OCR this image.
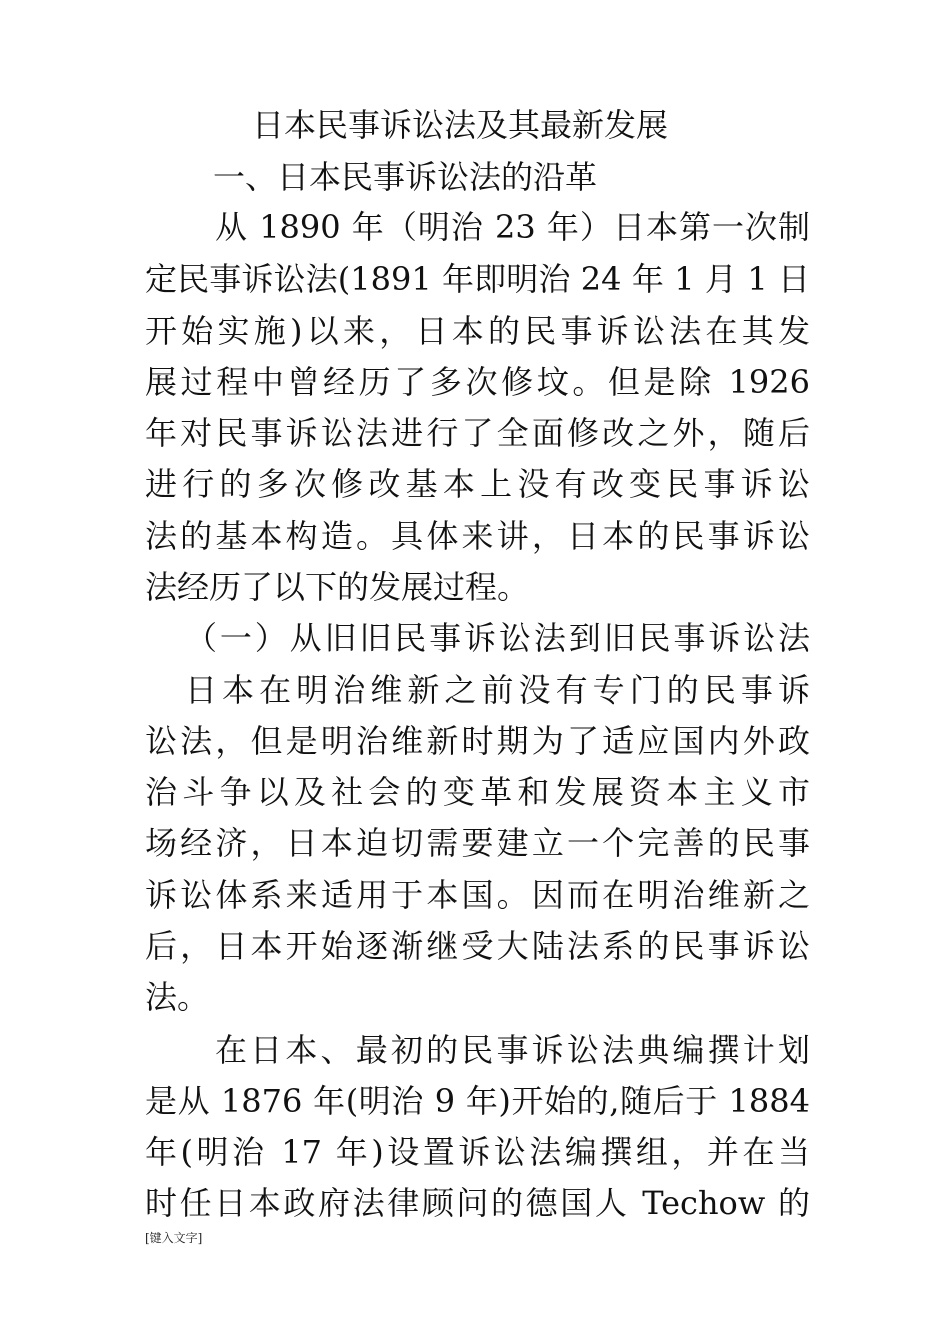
日本民事诉讼法及其最新发展
一、日本民事诉讼法的沿革
从 1890 年（明治 23 年）日本第一次制
定民事诉讼法(1891 年即明治 24 年 1 月 1 日
开始实施)以来，日本的民事诉讼法在其发
展过程中曾经历了多次修坟。但是除 1926
年对民事诉讼法进行了全面修改之外，随后
进行的多次修改基本上没有改变民事诉讼
法的基本构造。具体来讲，日本的民事诉讼
法经历了以下的发展过程。
（一）从旧旧民事诉讼法到旧民事诉讼法
日本在明治维新之前没有专门的民事诉
讼法，但是明治维新时期为了适应国内外政
治斗争以及社会的变革和发展资本主义市
场经济，日本迫切需要建立一个完善的民事
诉讼体系来适用于本国。因而在明治维新之
后，日本开始逐渐继受大陆法系的民事诉讼
法。
在日本、最初的民事诉讼法典编撰计划
是从 1876 年(明治 9 年)开始的,随后于 1884
年(明治 17 年)设置诉讼法编撰组，并在当
时任日本政府法律顾问的德国人 Techow 的
[键入文字]
